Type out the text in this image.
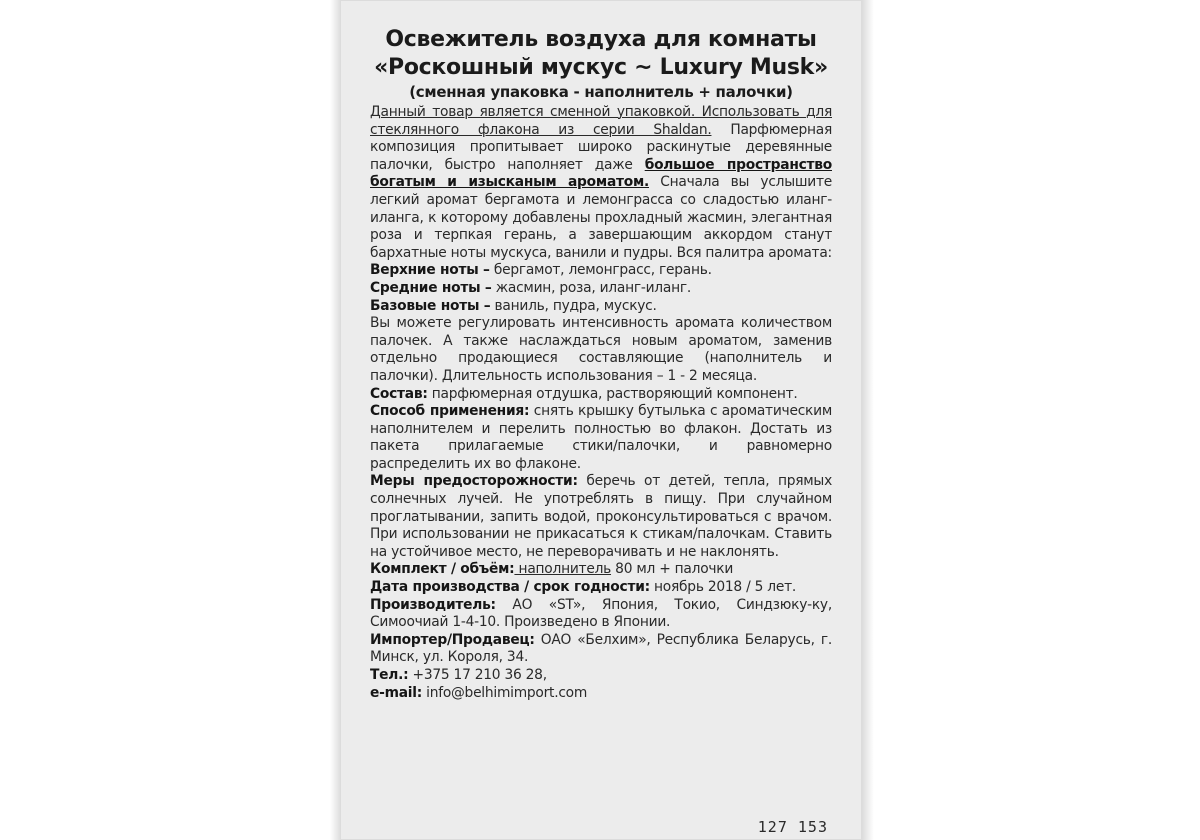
Освежитель воздуха для комнаты
«Роскошный мускус ~ Luxury Musk»
(сменная упаковка - наполнитель + палочки)

Данный товар является сменной упаковкой. Использовать для стеклянного флакона из серии Shaldan. Парфюмерная композиция пропитывает широко раскинутые деревянные палочки, быстро наполняет даже большое пространство богатым и изысканым ароматом. Сначала вы услышите легкий аромат бергамота и лемонграсса со сладостью иланг-иланга, к которому добавлены прохладный жасмин, элегантная роза и терпкая герань, а завершающим аккордом станут бархатные ноты мускуса, ванили и пудры. Вся палитра аромата:

Верхние ноты – бергамот, лемонграсс, герань.

Средние ноты – жасмин, роза, иланг-иланг.

Базовые ноты – ваниль, пудра, мускус.

Вы можете регулировать интенсивность аромата количеством палочек. А также наслаждаться новым ароматом, заменив отдельно продающиеся составляющие (наполнитель и палочки). Длительность использования – 1 - 2 месяца.

Состав: парфюмерная отдушка, растворяющий компонент.

Способ применения: снять крышку бутылька с ароматическим наполнителем и перелить полностью во флакон. Достать из пакета прилагаемые стики/палочки, и равномерно распределить их во флаконе.

Меры предосторожности: беречь от детей, тепла, прямых солнечных лучей. Не употреблять в пищу. При случайном проглатывании, запить водой, проконсультироваться с врачом. При использовании не прикасаться к стикам/палочкам. Ставить на устойчивое место, не переворачивать и не наклонять.

Комплект / объём: наполнитель 80 мл + палочки

Дата производства / срок годности: ноябрь 2018 / 5 лет.

Производитель: АО «ST», Япония, Токио, Синдзюку-ку, Симоочиай 1-4-10. Произведено в Японии.

Импортер/Продавец: ОАО «Белхим», Республика Беларусь, г. Минск, ул. Короля, 34.

Тел.: +375 17 210 36 28,

e-mail: info@belhimimport.com

127 153
